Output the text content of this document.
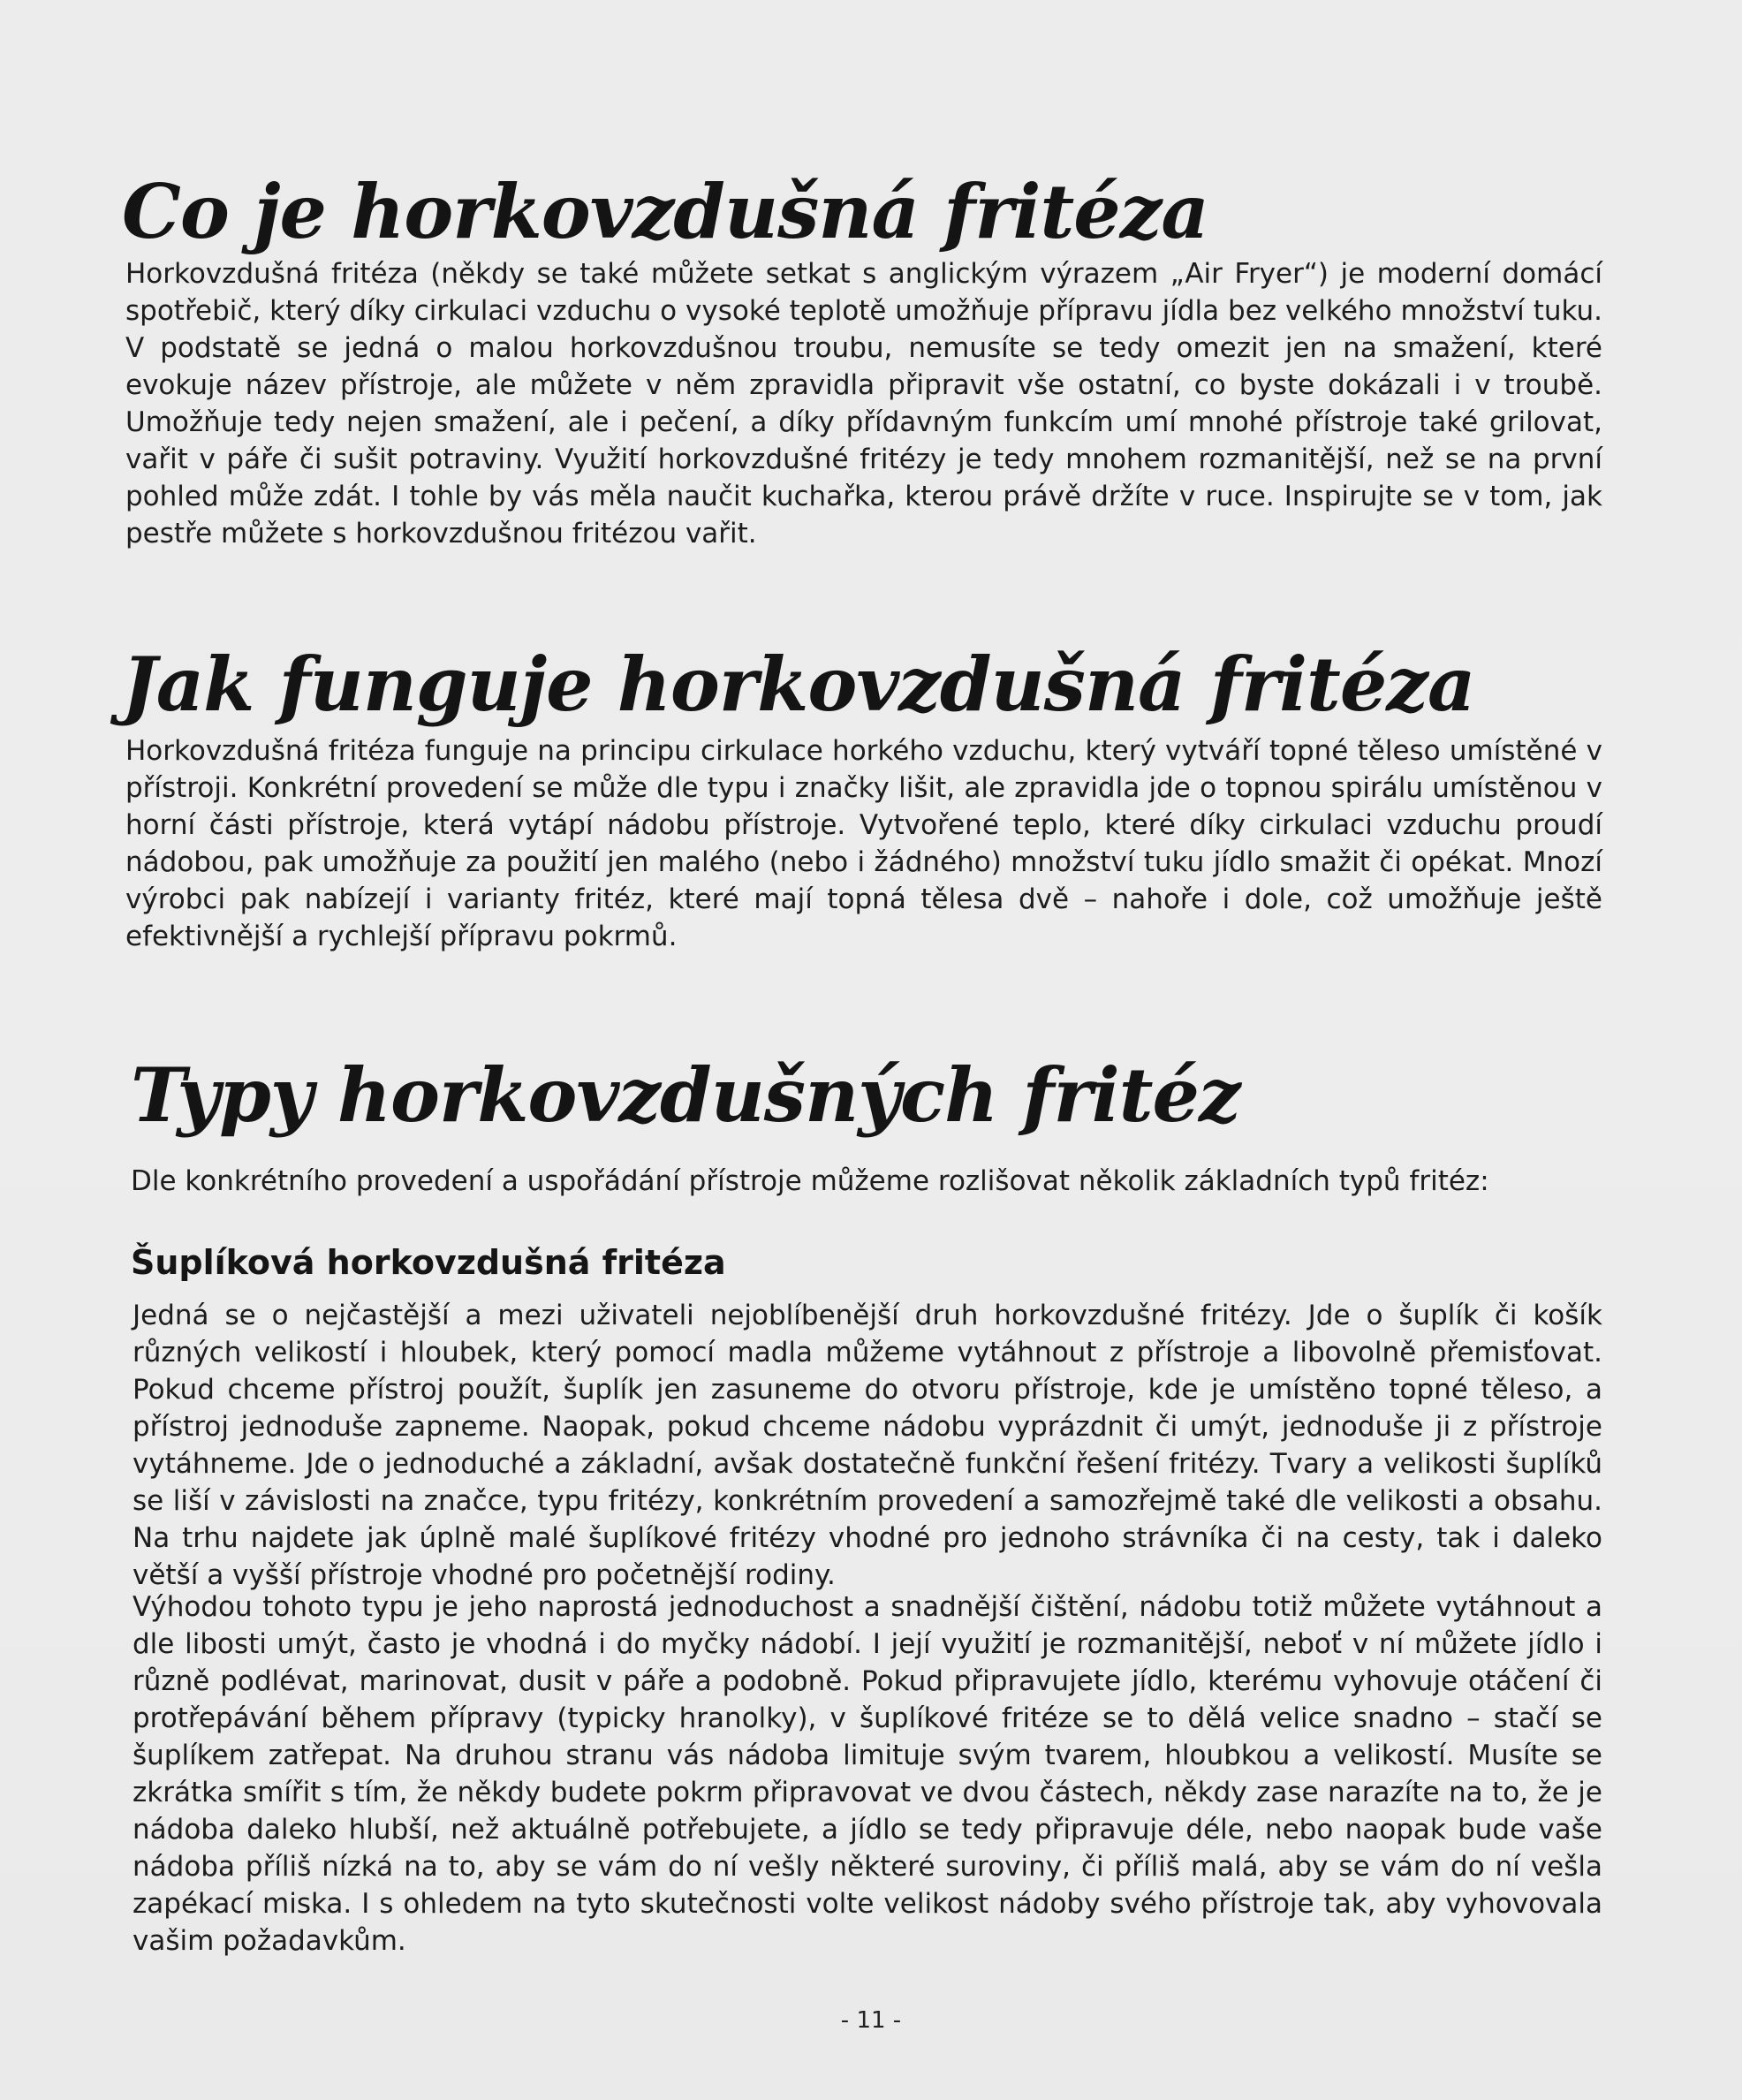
Co je horkovzdušná fritéza

Horkovzdušná fritéza (někdy se také můžete setkat s anglickým výrazem „Air Fryer“) je moderní domácí spotřebič, který díky cirkulaci vzduchu o vysoké teplotě umožňuje přípravu jídla bez velkého množství tuku. V podstatě se jedná o malou horkovzdušnou troubu, nemusíte se tedy omezit jen na smažení, které evokuje název přístroje, ale můžete v něm zpravidla připravit vše ostatní, co byste dokázali i v troubě. Umožňuje tedy nejen smažení, ale i pečení, a díky přídavným funkcím umí mnohé přístroje také grilovat, vařit v páře či sušit potraviny. Využití horkovzdušné fritézy je tedy mnohem rozmanitější, než se na první pohled může zdát. I tohle by vás měla naučit kuchařka, kterou právě držíte v ruce. Inspirujte se v tom, jak pestře můžete s horkovzdušnou fritézou vařit.

Jak funguje horkovzdušná fritéza

Horkovzdušná fritéza funguje na principu cirkulace horkého vzduchu, který vytváří topné těleso umístěné v přístroji. Konkrétní provedení se může dle typu i značky lišit, ale zpravidla jde o topnou spirálu umístěnou v horní části přístroje, která vytápí nádobu přístroje. Vytvořené teplo, které díky cirkulaci vzduchu proudí nádobou, pak umožňuje za použití jen malého (nebo i žádného) množství tuku jídlo smažit či opékat. Mnozí výrobci pak nabízejí i varianty fritéz, které mají topná tělesa dvě – nahoře i dole, což umožňuje ještě efektivnější a rychlejší přípravu pokrmů.

Typy horkovzdušných fritéz

Dle konkrétního provedení a uspořádání přístroje můžeme rozlišovat několik základních typů fritéz:

Šuplíková horkovzdušná fritéza

Jedná se o nejčastější a mezi uživateli nejoblíbenější druh horkovzdušné fritézy. Jde o šuplík či košík různých velikostí i hloubek, který pomocí madla můžeme vytáhnout z přístroje a libovolně přemisťovat. Pokud chceme přístroj použít, šuplík jen zasuneme do otvoru přístroje, kde je umístěno topné těleso, a přístroj jednoduše zapneme. Naopak, pokud chceme nádobu vyprázdnit či umýt, jednoduše ji z přístroje vytáhneme. Jde o jednoduché a základní, avšak dostatečně funkční řešení fritézy. Tvary a velikosti šuplíků se liší v závislosti na značce, typu fritézy, konkrétním provedení a samozřejmě také dle velikosti a obsahu. Na trhu najdete jak úplně malé šuplíkové fritézy vhodné pro jednoho strávníka či na cesty, tak i daleko větší a vyšší přístroje vhodné pro početnější rodiny.

Výhodou tohoto typu je jeho naprostá jednoduchost a snadnější čištění, nádobu totiž můžete vytáhnout a dle libosti umýt, často je vhodná i do myčky nádobí. I její využití je rozmanitější, neboť v ní můžete jídlo i různě podlévat, marinovat, dusit v páře a podobně. Pokud připravujete jídlo, kterému vyhovuje otáčení či protřepávání během přípravy (typicky hranolky), v šuplíkové fritéze se to dělá velice snadno – stačí se šuplíkem zatřepat. Na druhou stranu vás nádoba limituje svým tvarem, hloubkou a velikostí. Musíte se zkrátka smířit s tím, že někdy budete pokrm připravovat ve dvou částech, někdy zase narazíte na to, že je nádoba daleko hlubší, než aktuálně potřebujete, a jídlo se tedy připravuje déle, nebo naopak bude vaše nádoba příliš nízká na to, aby se vám do ní vešly některé suroviny, či příliš malá, aby se vám do ní vešla zapékací miska. I s ohledem na tyto skutečnosti volte velikost nádoby svého přístroje tak, aby vyhovovala vašim požadavkům.

- 11 -
